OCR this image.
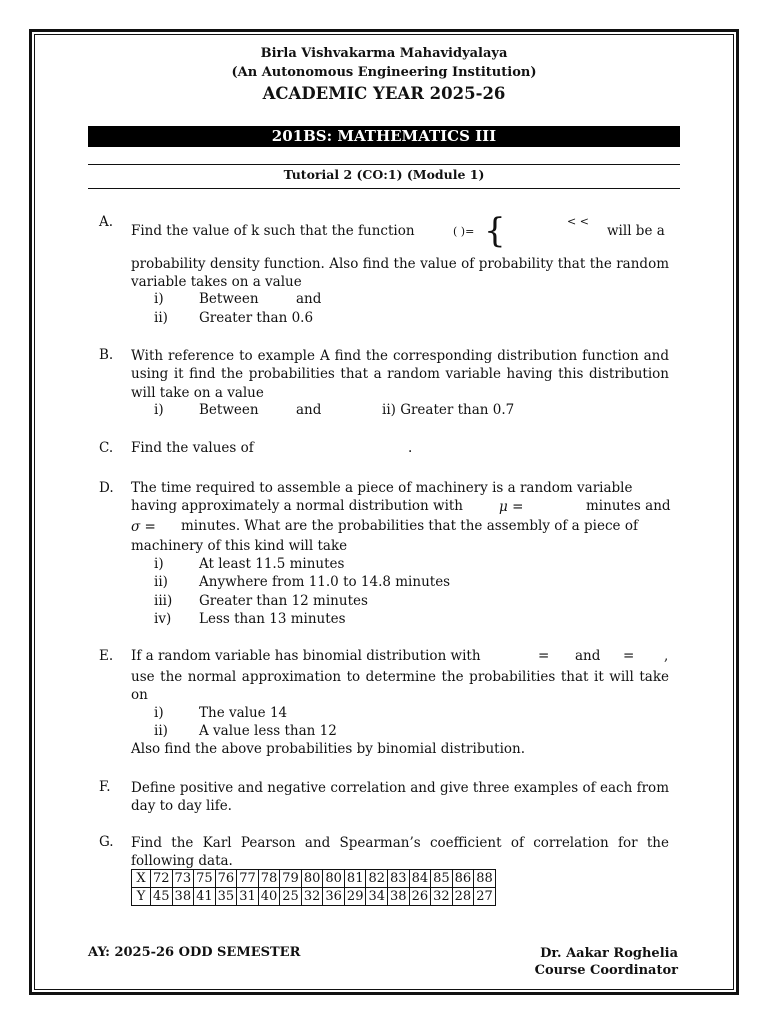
Birla Vishvakarma Mahavidyalaya
(An Autonomous Engineering Institution)
ACADEMIC YEAR 2025-26
201BS: MATHEMATICS III
Tutorial 2 (CO:1) (Module 1)
A.
Find the value of k such that the function	( )= {	< <
will be a
probability density function. Also find the value of probability that the random variable takes on a value
i)	Between	and
ii) Greater than 0.6
B. With reference to example A find the corresponding distribution function and using it find the probabilities that a random variable having this distribution will take on a value
i)	Between	and	ii) Greater than 0.7
C. Find the values of	.
D. The time required to assemble a piece of machinery is a random variable
having approximately a normal distribution with	μ =	minutes and
σ = minutes. What are the probabilities that the assembly of a piece of
machinery of this kind will take
i)	At least 11.5 minutes
ii) Anywhere from 11.0 to 14.8 minutes
iii) Greater than 12 minutes
iv) Less than 13 minutes
E. If a random variable has binomial distribution with	= and = ,
use the normal approximation to determine the probabilities that it will take on
i)	The value 14
ii) A value less than 12
Also find the above probabilities by binomial distribution.
F. Define positive and negative correlation and give three examples of each from day to day life.
G. Find the Karl Pearson and Spearman’s coefficient of correlation for the following data.
X	72	73	75	76	77	78	79	80	80	81	82	83	84	85	86	88
Y	45	38	41	35	31	40	25	32	36	29	34	38	26	32	28	27
AY: 2025-26 ODD SEMESTER	Dr. Aakar Roghelia
Course Coordinator
